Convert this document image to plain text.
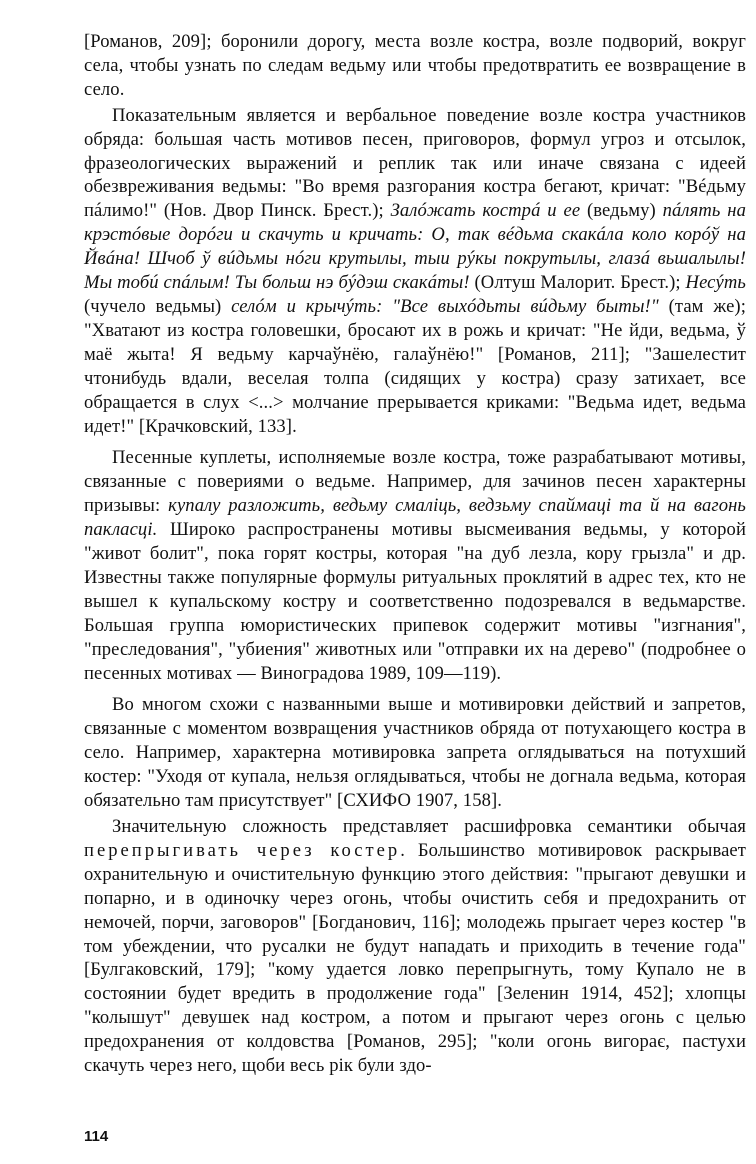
[Романов, 209]; боронили дорогу, места возле костра, возле подворий, вокруг села, чтобы узнать по следам ведьму или чтобы предотвратить ее возвращение в село.

Показательным является и вербальное поведение возле костра участников обряда: большая часть мотивов песен, приговоров, формул угроз и отсылок, фразеологических выражений и реплик так или иначе связана с идеей обезвреживания ведьмы: "Во время разгорания костра бегают, кричат: "Вéдьму пáлимо!" (Нов. Двор Пинск. Брест.); Залóжать кострá и ее (ведьму) пáлять на крэстóвые дорóги и скачуть и кричать: О, так вéдьма скакáла коло корóў на Йвáна! Шчоб ў вúдьмы нóги крутылы, тыи рýкы покрутылы, глазá вьшалылы! Мы тобú спáлым! Ты больш нэ бýдэш скакáты! (Олтуш Малорит. Брест.); Несýть (чучело ведьмы) селóм и крычýть: "Все выхóдьты вúдьму быты!" (там же); "Хватают из костра головешки, бросают их в рожь и кричат: "Не йди, ведьма, ў маё жыта! Я ведьму карчаўнёю, галаўнёю!" [Романов, 211]; "Зашелестит чтонибудь вдали, веселая толпа (сидящих у костра) сразу затихает, все обращается в слух <...> молчание прерывается криками: "Ведьма идет, ведьма идет!" [Крачковский, 133].

Песенные куплеты, исполняемые возле костра, тоже разрабатывают мотивы, связанные с повериями о ведьме. Например, для зачинов песен характерны призывы: купалу разложить, ведьму смаліць, ведзьму спаймаці та й на вагонь паклaсці. Широко распространены мотивы высмеивания ведьмы, у которой "живот болит", пока горят костры, которая "на дуб лезла, кору грызла" и др. Известны также популярные формулы ритуальных проклятий в адрес тех, кто не вышел к купальскому костру и соответственно подозревался в ведьмарстве. Большая группа юмористических припевок содержит мотивы "изгнания", "преследования", "убиения" животных или "отправки их на дерево" (подробнее о песенных мотивах — Виноградова 1989, 109—119).

Во многом схожи с названными выше и мотивировки действий и запретов, связанные с моментом возвращения участников обряда от потухающего костра в село. Например, характерна мотивировка запрета оглядываться на потухший костер: "Уходя от купала, нельзя оглядываться, чтобы не догнала ведьма, которая обязательно там присутствует" [СХИФО 1907, 158].

Значительную сложность представляет расшифровка семантики обычая перепрыгивать через костер. Большинство мотивировок раскрывает охранительную и очистительную функцию этого действия: "прыгают девушки и попарно, и в одиночку через огонь, чтобы очистить себя и предохранить от немочей, порчи, заговоров" [Богданович, 116]; молодежь прыгает через костер "в том убеждении, что русалки не будут нападать и приходить в течение года" [Булгаковский, 179]; "кому удается ловко перепрыгнуть, тому Купало не в состоянии будет вредить в продолжение года" [Зеленин 1914, 452]; хлопцы "колышут" девушек над костром, а потом и прыгают через огонь с целью предохранения от колдовства [Романов, 295]; "коли огонь вигорає, пастухи скачуть через него, щоби весь рік були здо-

114
